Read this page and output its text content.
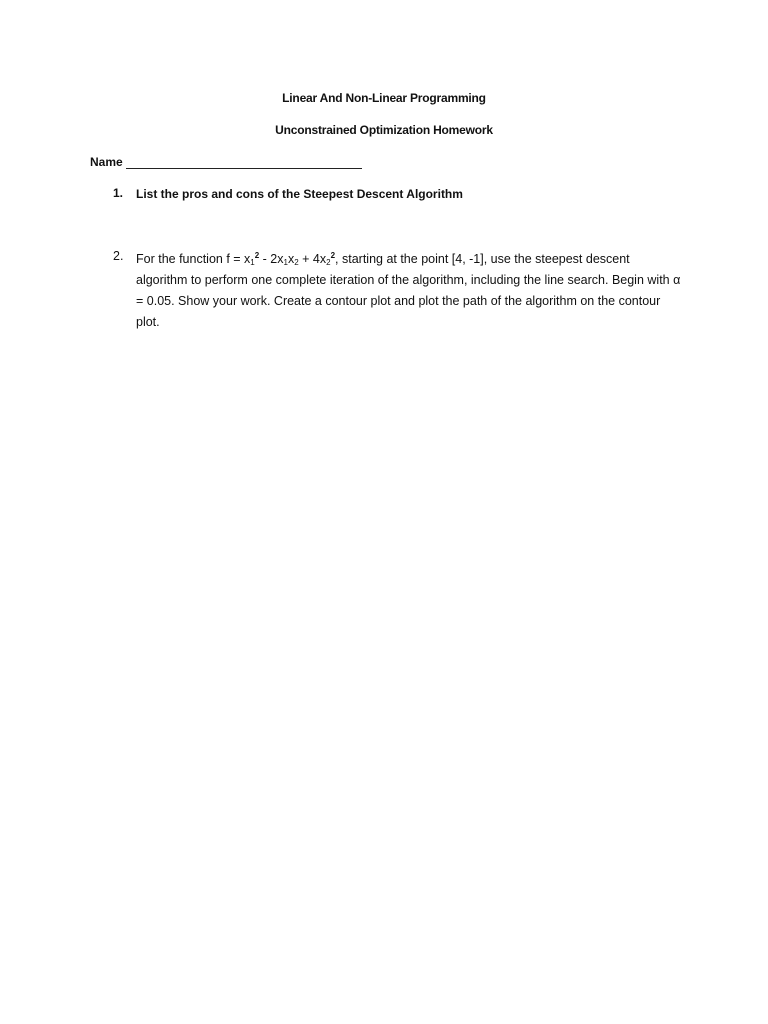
Linear And Non-Linear Programming
Unconstrained Optimization Homework
Name
1.	List the pros and cons of the Steepest Descent Algorithm
2.	For the function $f = x_1^2 - 2x_1x_2 + 4x_2^2$, starting at the point [4, -1], use the steepest descent algorithm to perform one complete iteration of the algorithm, including the line search. Begin with α = 0.05. Show your work. Create a contour plot and plot the path of the algorithm on the contour plot.
